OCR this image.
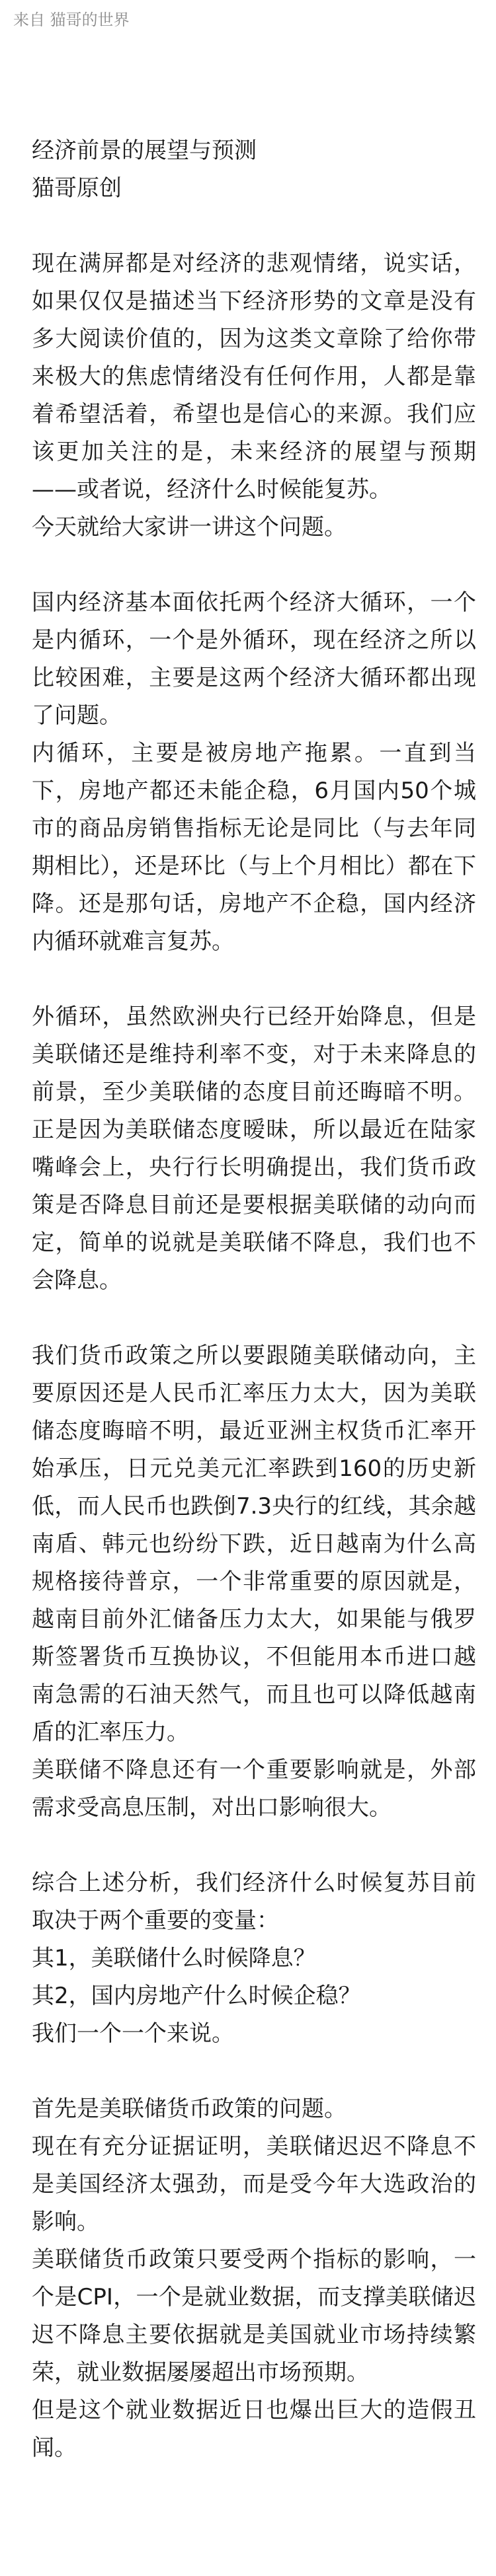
来自 猫哥的世界
经济前景的展望与预测
猫哥原创
现在满屏都是对经济的悲观情绪，说实话，如果仅仅是描述当下经济形势的文章是没有多大阅读价值的，因为这类文章除了给你带来极大的焦虑情绪没有任何作用，人都是靠着希望活着，希望也是信心的来源。我们应该更加关注的是，未来经济的展望与预期——或者说，经济什么时候能复苏。
今天就给大家讲一讲这个问题。
国内经济基本面依托两个经济大循环，一个是内循环，一个是外循环，现在经济之所以比较困难，主要是这两个经济大循环都出现了问题。
内循环，主要是被房地产拖累。一直到当下，房地产都还未能企稳，6月国内50个城市的商品房销售指标无论是同比（与去年同期相比），还是环比（与上个月相比）都在下降。还是那句话，房地产不企稳，国内经济内循环就难言复苏。
外循环，虽然欧洲央行已经开始降息，但是美联储还是维持利率不变，对于未来降息的前景，至少美联储的态度目前还晦暗不明。正是因为美联储态度暧昧，所以最近在陆家嘴峰会上，央行行长明确提出，我们货币政策是否降息目前还是要根据美联储的动向而定，简单的说就是美联储不降息，我们也不会降息。
我们货币政策之所以要跟随美联储动向，主要原因还是人民币汇率压力太大，因为美联储态度晦暗不明，最近亚洲主权货币汇率开始承压，日元兑美元汇率跌到160的历史新低，而人民币也跌倒7.3央行的红线，其余越南盾、韩元也纷纷下跌，近日越南为什么高规格接待普京，一个非常重要的原因就是，越南目前外汇储备压力太大，如果能与俄罗斯签署货币互换协议，不但能用本币进口越南急需的石油天然气，而且也可以降低越南盾的汇率压力。
美联储不降息还有一个重要影响就是，外部需求受高息压制，对出口影响很大。
综合上述分析，我们经济什么时候复苏目前取决于两个重要的变量：
其1，美联储什么时候降息？
其2，国内房地产什么时候企稳？
我们一个一个来说。
首先是美联储货币政策的问题。
现在有充分证据证明，美联储迟迟不降息不是美国经济太强劲，而是受今年大选政治的影响。
美联储货币政策只要受两个指标的影响，一个是CPI，一个是就业数据，而支撑美联储迟迟不降息主要依据就是美国就业市场持续繁荣，就业数据屡屡超出市场预期。
但是这个就业数据近日也爆出巨大的造假丑闻。
